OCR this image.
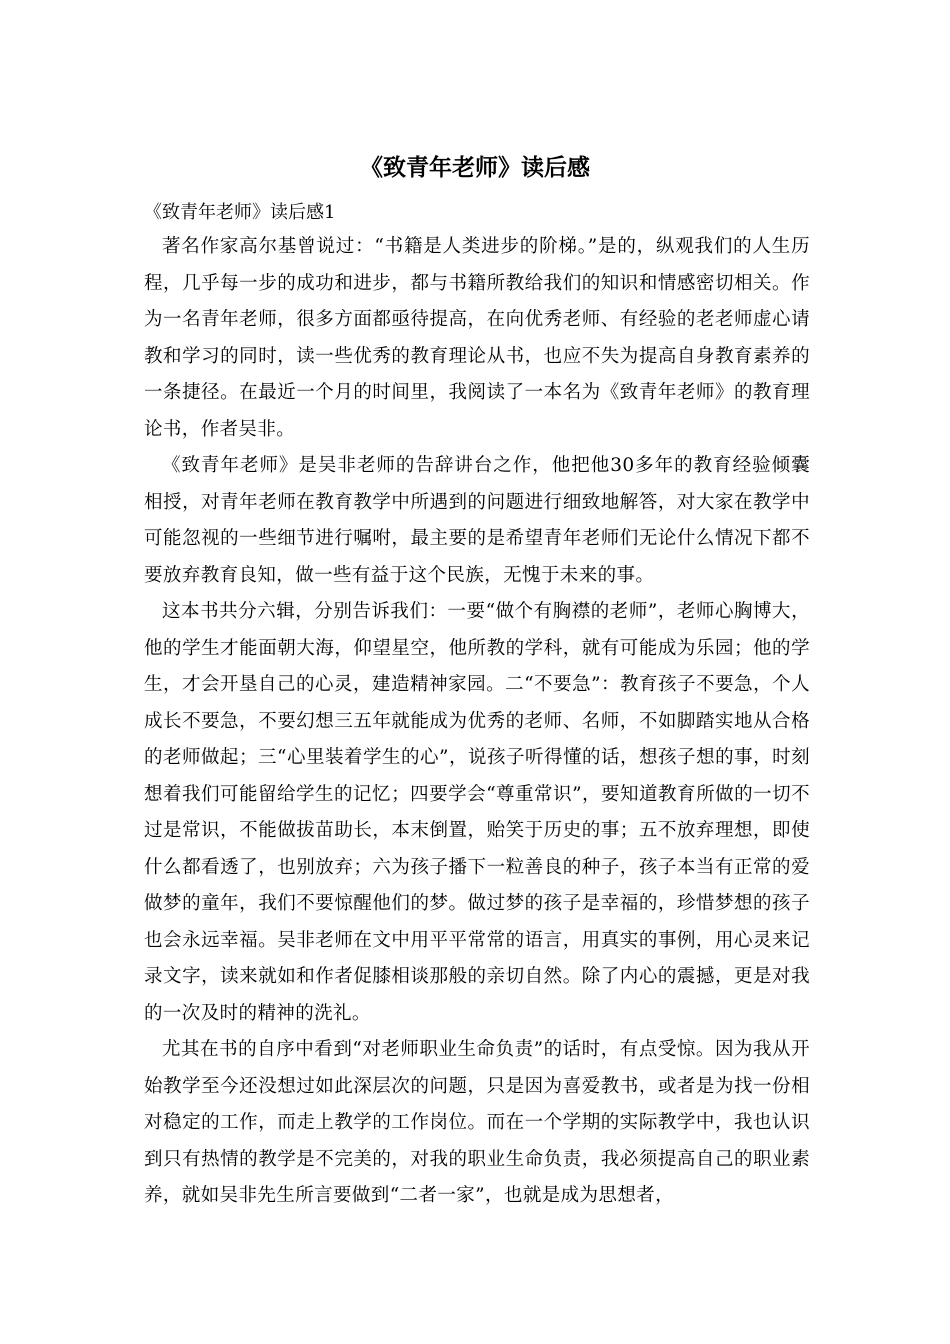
《致青年老师》读后感

《致青年老师》读后感1

著名作家高尔基曾说过：“书籍是人类进步的阶梯。”是的，纵观我们的人生历程，几乎每一步的成功和进步，都与书籍所教给我们的知识和情感密切相关。作为一名青年老师，很多方面都亟待提高，在向优秀老师、有经验的老老师虚心请教和学习的同时，读一些优秀的教育理论从书，也应不失为提高自身教育素养的一条捷径。在最近一个月的时间里，我阅读了一本名为《致青年老师》的教育理论书，作者吴非。

《致青年老师》是吴非老师的告辞讲台之作，他把他30多年的教育经验倾囊相授，对青年老师在教育教学中所遇到的问题进行细致地解答，对大家在教学中可能忽视的一些细节进行嘱咐，最主要的是希望青年老师们无论什么情况下都不要放弃教育良知，做一些有益于这个民族，无愧于未来的事。

这本书共分六辑，分别告诉我们：一要“做个有胸襟的老师”，老师心胸博大，他的学生才能面朝大海，仰望星空，他所教的学科，就有可能成为乐园；他的学生，才会开垦自己的心灵，建造精神家园。二“不要急”：教育孩子不要急，个人成长不要急，不要幻想三五年就能成为优秀的老师、名师，不如脚踏实地从合格的老师做起；三“心里装着学生的心”，说孩子听得懂的话，想孩子想的事，时刻想着我们可能留给学生的记忆；四要学会“尊重常识”，要知道教育所做的一切不过是常识，不能做拔苗助长，本末倒置，贻笑于历史的事；五不放弃理想，即使什么都看透了，也别放弃；六为孩子播下一粒善良的种子，孩子本当有正常的爱做梦的童年，我们不要惊醒他们的梦。做过梦的孩子是幸福的，珍惜梦想的孩子也会永远幸福。吴非老师在文中用平平常常的语言，用真实的事例，用心灵来记录文字，读来就如和作者促膝相谈那般的亲切自然。除了内心的震撼，更是对我的一次及时的精神的洗礼。

尤其在书的自序中看到“对老师职业生命负责”的话时，有点受惊。因为我从开始教学至今还没想过如此深层次的问题，只是因为喜爱教书，或者是为找一份相对稳定的工作，而走上教学的工作岗位。而在一个学期的实际教学中，我也认识到只有热情的教学是不完美的，对我的职业生命负责，我必须提高自己的职业素养，就如吴非先生所言要做到“二者一家”，也就是成为思想者，
